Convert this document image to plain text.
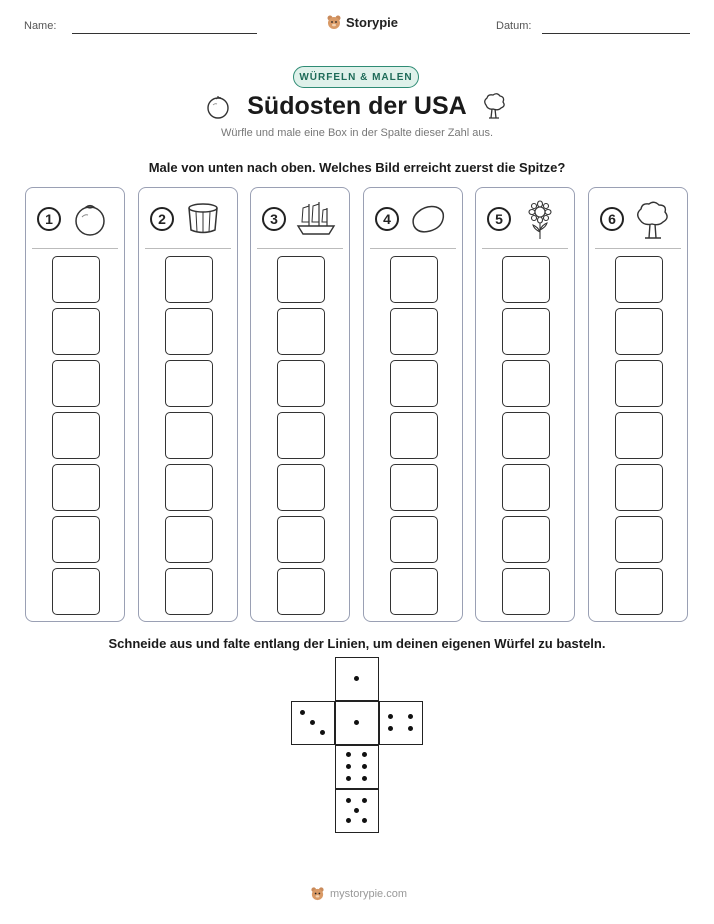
Name:	Storypie	Datum:
WÜRFELN & MALEN
Südosten der USA
Würfle und male eine Box in der Spalte dieser Zahl aus.
Male von unten nach oben. Welches Bild erreicht zuerst die Spitze?
1	2	3	4	5	6
Schneide aus und falte entlang der Linien, um deinen eigenen Würfel zu basteln.
mystorypie.com
